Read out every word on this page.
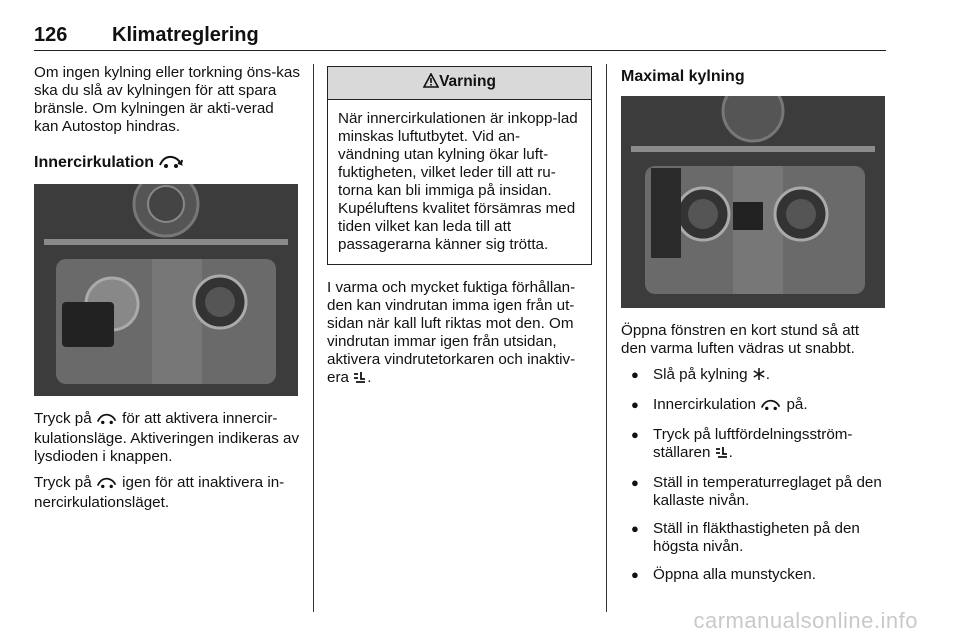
126 Klimatreglering

Om ingen kylning eller torkning öns-kas ska du slå av kylningen för att spara bränsle. Om kylningen är akti-verad kan Autostop hindras.

Innercirkulation

Tryck på för att aktivera innercir-kulationsläge. Aktiveringen indikeras av lysdioden i knappen.

Tryck på igen för att inaktivera in-nercirkulationsläget.

Varning
När innercirkulationen är inkopp-lad minskas luftutbytet. Vid an-vändning utan kylning ökar luft-fuktigheten, vilket leder till att ru-torna kan bli immiga på insidan. Kupéluftens kvalitet försämras med tiden vilket kan leda till att passagerarna känner sig trötta.

I varma och mycket fuktiga förhållan-den kan vindrutan imma igen från ut-sidan när kall luft riktas mot den. Om vindrutan immar igen från utsidan, aktivera vindrutetorkaren och inaktiv-era .

Maximal kylning

Öppna fönstren en kort stund så att den varma luften vädras ut snabbt.

● Slå på kylning .
● Innercirkulation på.
● Tryck på luftfördelningsström-ställaren .
● Ställ in temperaturreglaget på den kallaste nivån.
● Ställ in fläkthastigheten på den högsta nivån.
● Öppna alla munstycken.
carmanualsonline.info
